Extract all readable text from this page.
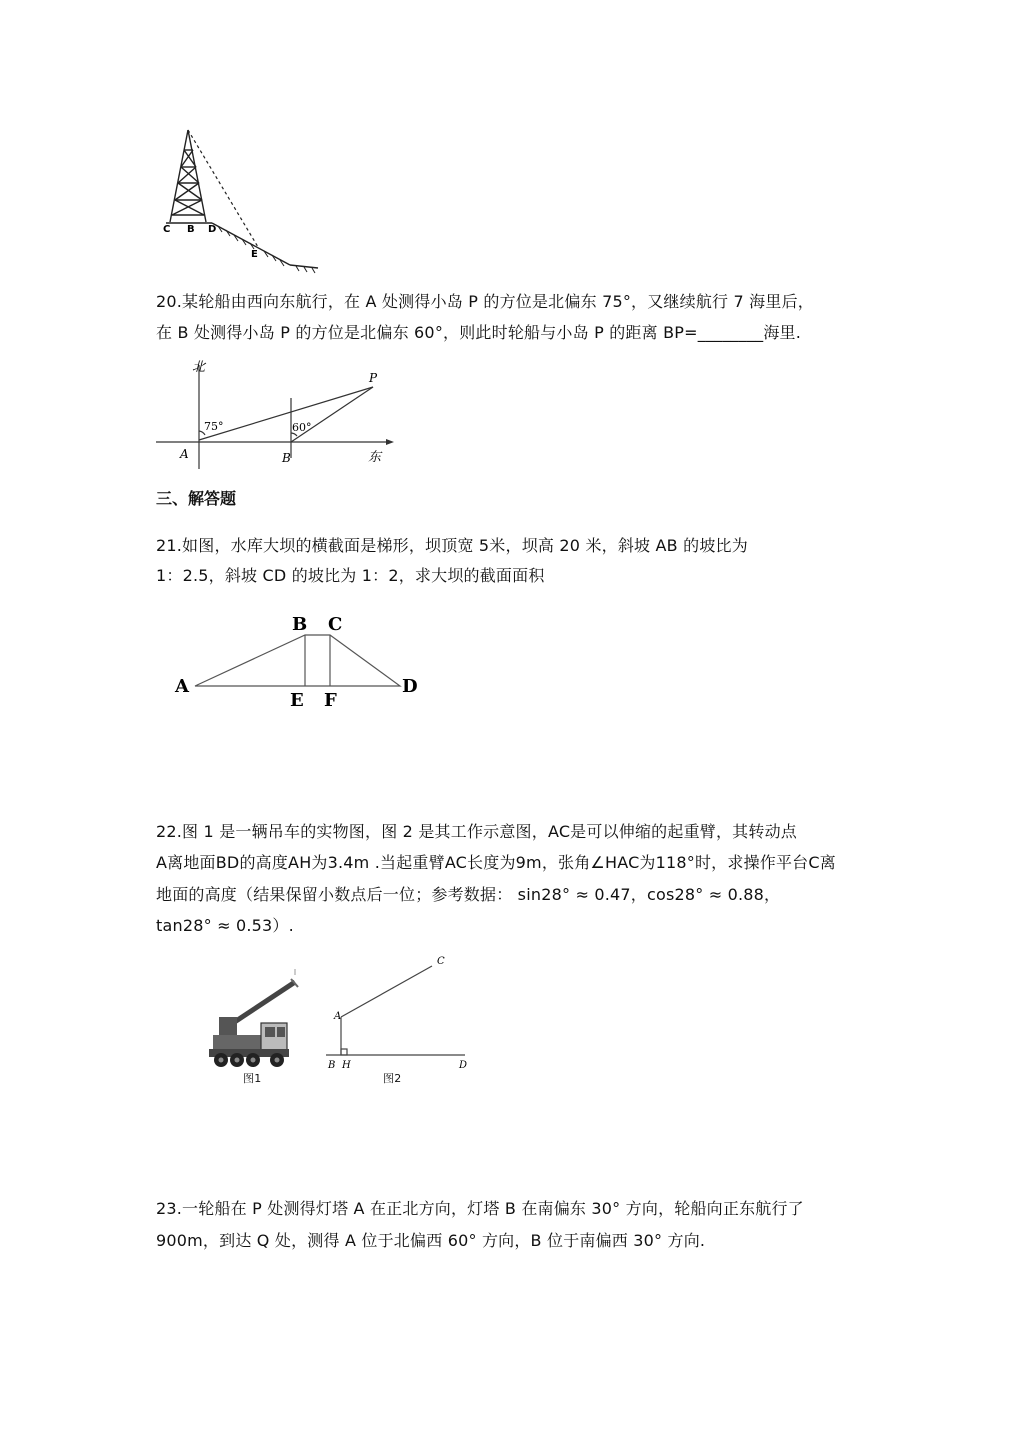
C B D
E
20.某轮船由西向东航行，在 A 处测得小岛 P 的方位是北偏东 75°，又继续航行 7 海里后，
在 B 处测得小岛 P 的方位是北偏东 60°，则此时轮船与小岛 P 的距离 BP=________海里.
北
东
75°	60°
A	B
P
三、解答题
21.如图，水库大坝的横截面是梯形，坝顶宽 5米，坝高 20 米，斜坡 AB 的坡比为
1：2.5，斜坡 CD 的坡比为 1：2，求大坝的截面面积
A
B C
D
E F
22.图 1 是一辆吊车的实物图，图 2 是其工作示意图，AC是可以伸缩的起重臂，其转动点
A离地面BD的高度AH为3.4m .当起重臂AC长度为9m，张角∠HAC为118°时，求操作平台C离
地面的高度（结果保留小数点后一位；参考数据： sin28° ≈ 0.47，cos28° ≈ 0.88，
tan28° ≈ 0.53）.
图1
A
B
C
D
H
图2
23.一轮船在 P 处测得灯塔 A 在正北方向，灯塔 B 在南偏东 30° 方向，轮船向正东航行了
900m，到达 Q 处，测得 A 位于北偏西 60° 方向，B 位于南偏西 30° 方向.
